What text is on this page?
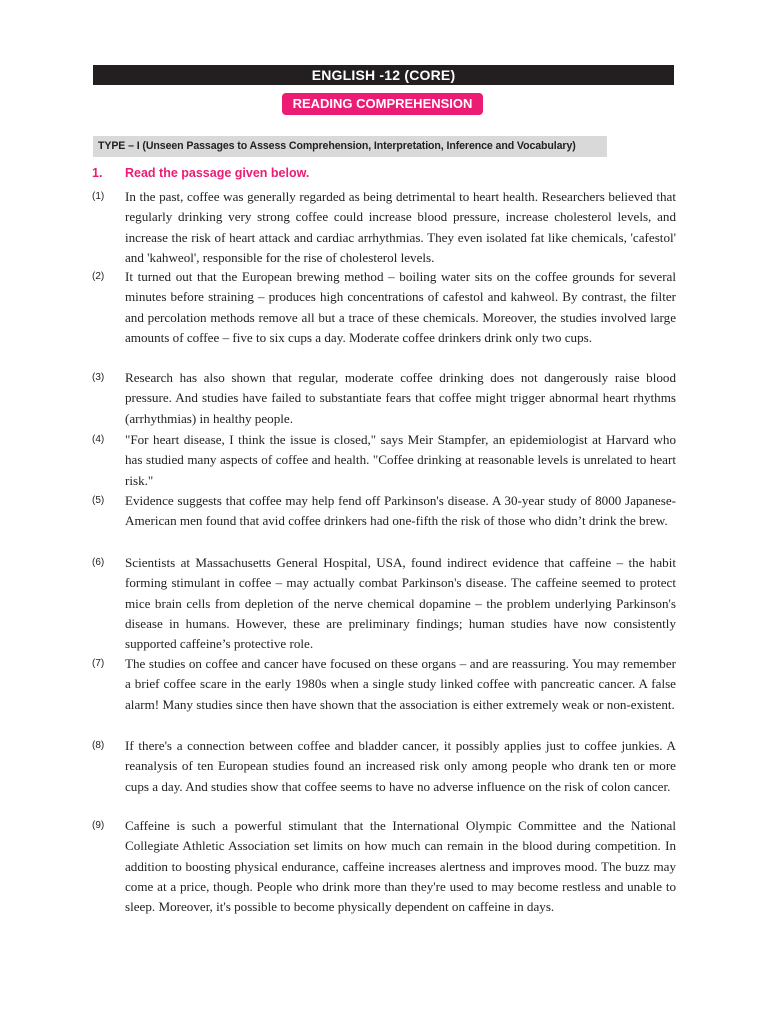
ENGLISH -12 (CORE)
READING COMPREHENSION
TYPE – I (Unseen Passages to Assess Comprehension, Interpretation, Inference and Vocabulary)
1. Read the passage given below.
(1) In the past, coffee was generally regarded as being detrimental to heart health. Researchers believed that regularly drinking very strong coffee could increase blood pressure, increase cholesterol levels, and increase the risk of heart attack and cardiac arrhythmias. They even isolated fat like chemicals, 'cafestol' and 'kahweol', responsible for the rise of cholesterol levels.
(2) It turned out that the European brewing method – boiling water sits on the coffee grounds for several minutes before straining – produces high concentrations of cafestol and kahweol. By contrast, the filter and percolation methods remove all but a trace of these chemicals. Moreover, the studies involved large amounts of coffee – five to six cups a day. Moderate coffee drinkers drink only two cups.
(3) Research has also shown that regular, moderate coffee drinking does not dangerously raise blood pressure. And studies have failed to substantiate fears that coffee might trigger abnormal heart rhythms (arrhythmias) in healthy people.
(4) "For heart disease, I think the issue is closed," says Meir Stampfer, an epidemiologist at Harvard who has studied many aspects of coffee and health. "Coffee drinking at reasonable levels is unrelated to heart risk."
(5) Evidence suggests that coffee may help fend off Parkinson's disease. A 30-year study of 8000 Japanese-American men found that avid coffee drinkers had one-fifth the risk of those who didn’t drink the brew.
(6) Scientists at Massachusetts General Hospital, USA, found indirect evidence that caffeine – the habit forming stimulant in coffee – may actually combat Parkinson's disease. The caffeine seemed to protect mice brain cells from depletion of the nerve chemical dopamine – the problem underlying Parkinson's disease in humans. However, these are preliminary findings; human studies have now consistently supported caffeine’s protective role.
(7) The studies on coffee and cancer have focused on these organs – and are reassuring. You may remember a brief coffee scare in the early 1980s when a single study linked coffee with pancreatic cancer. A false alarm! Many studies since then have shown that the association is either extremely weak or non-existent.
(8) If there's a connection between coffee and bladder cancer, it possibly applies just to coffee junkies. A reanalysis of ten European studies found an increased risk only among people who drank ten or more cups a day. And studies show that coffee seems to have no adverse influence on the risk of colon cancer.
(9) Caffeine is such a powerful stimulant that the International Olympic Committee and the National Collegiate Athletic Association set limits on how much can remain in the blood during competition. In addition to boosting physical endurance, caffeine increases alertness and improves mood. The buzz may come at a price, though. People who drink more than they're used to may become restless and unable to sleep. Moreover, it's possible to become physically dependent on caffeine in days.
